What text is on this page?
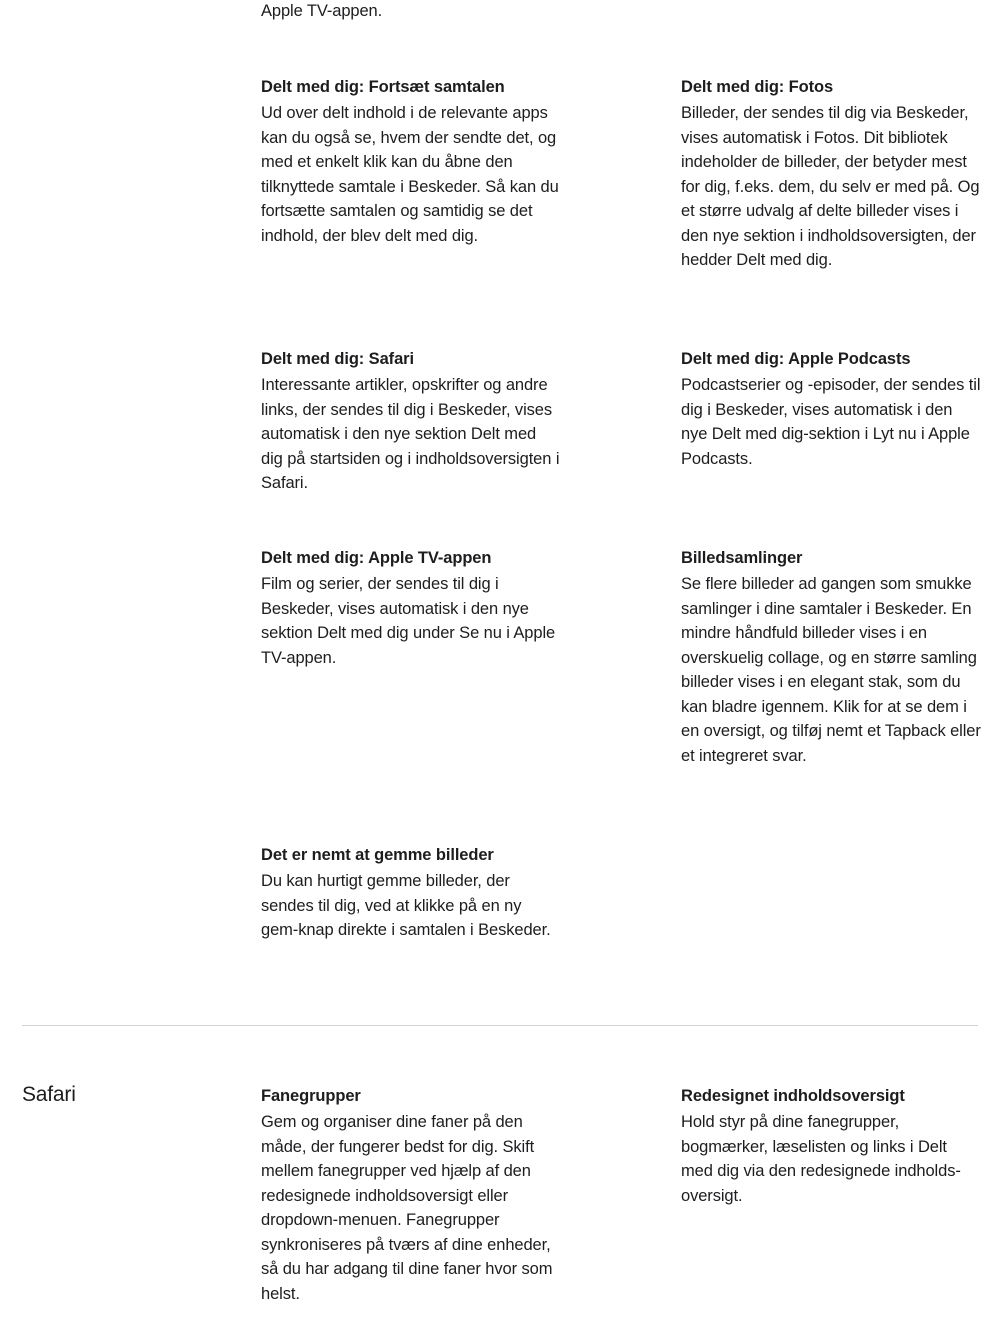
Apple TV-appen.

Delt med dig: Fortsæt samtalen

Ud over delt indhold i de relevante apps kan du også se, hvem der sendte det, og med et enkelt klik kan du åbne den tilknyttede samtale i Beskeder. Så kan du fortsætte samtalen og samtidig se det indhold, der blev delt med dig.

Delt med dig: Fotos

Billeder, der sendes til dig via Beskeder, vises automatisk i Fotos. Dit bibliotek indeholder de billeder, der betyder mest for dig, f.eks. dem, du selv er med på. Og et større udvalg af delte billeder vises i den nye sektion i indholdsoversigten, der hedder Delt med dig.

Delt med dig: Safari

Interessante artikler, opskrifter og andre links, der sendes til dig i Beskeder, vises automatisk i den nye sektion Delt med dig på startsiden og i indholdsoversigten i Safari.

Delt med dig: Apple Podcasts

Podcastserier og -episoder, der sendes til dig i Beskeder, vises automatisk i den nye Delt med dig-sektion i Lyt nu i Apple Podcasts.

Delt med dig: Apple TV-appen

Film og serier, der sendes til dig i Beskeder, vises automatisk i den nye sektion Delt med dig under Se nu i Apple TV-appen.

Billedsamlinger

Se flere billeder ad gangen som smukke samlinger i dine samtaler i Beskeder. En mindre håndfuld billeder vises i en overskuelig collage, og en større samling billeder vises i en elegant stak, som du kan bladre igennem. Klik for at se dem i en oversigt, og tilføj nemt et Tapback eller et integreret svar.

Det er nemt at gemme billeder

Du kan hurtigt gemme billeder, der sendes til dig, ved at klikke på en ny gem-knap direkte i samtalen i Beskeder.

Safari	Fanegrupper

Gem og organiser dine faner på den måde, der fungerer bedst for dig. Skift mellem fanegrupper ved hjælp af den redesignede indholdsoversigt eller dropdown-menuen. Fanegrupper synkroniseres på tværs af dine enheder, så du har adgang til dine faner hvor som helst.

Redesignet indholdsoversigt

Hold styr på dine fanegrupper, bogmærker, læselisten og links i Delt med dig via den redesignede indholds-oversigt.
